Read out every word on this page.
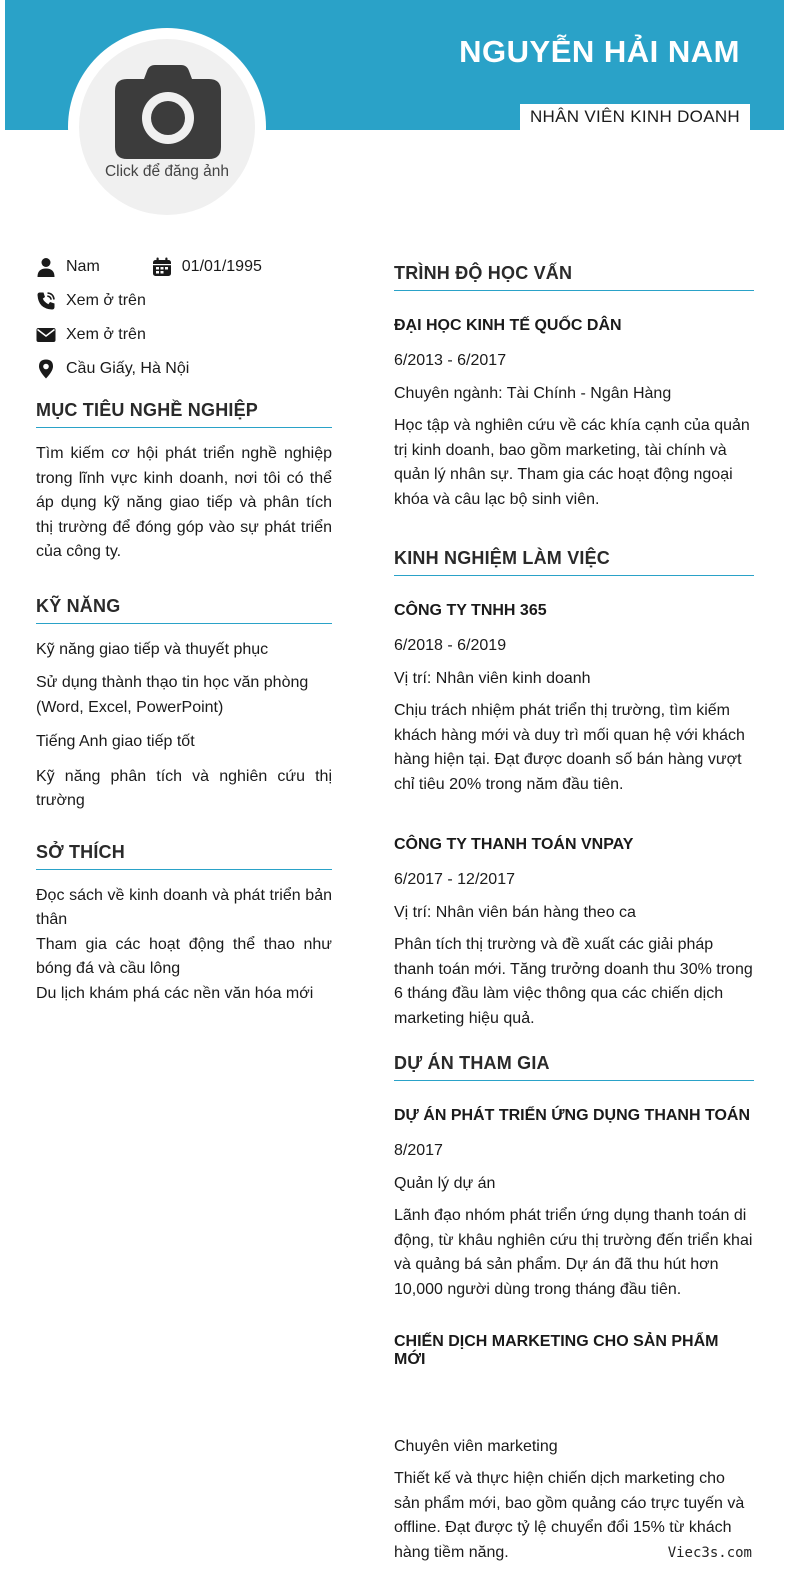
NGUYỄN HẢI NAM
NHÂN VIÊN KINH DOANH
Click để đăng ảnh
Nam	01/01/1995
Xem ở trên
Xem ở trên
Cầu Giấy, Hà Nội
MỤC TIÊU NGHỀ NGHIỆP
Tìm kiếm cơ hội phát triển nghề nghiệp trong lĩnh vực kinh doanh, nơi tôi có thể áp dụng kỹ năng giao tiếp và phân tích thị trường để đóng góp vào sự phát triển của công ty.
KỸ NĂNG
Kỹ năng giao tiếp và thuyết phục
Sử dụng thành thạo tin học văn phòng (Word, Excel, PowerPoint)
Tiếng Anh giao tiếp tốt
Kỹ năng phân tích và nghiên cứu thị trường
SỞ THÍCH
Đọc sách về kinh doanh và phát triển bản thân
Tham gia các hoạt động thể thao như bóng đá và cầu lông
Du lịch khám phá các nền văn hóa mới
TRÌNH ĐỘ HỌC VẤN
ĐẠI HỌC KINH TẾ QUỐC DÂN
6/2013 - 6/2017
Chuyên ngành: Tài Chính - Ngân Hàng
Học tập và nghiên cứu về các khía cạnh của quản trị kinh doanh, bao gồm marketing, tài chính và quản lý nhân sự. Tham gia các hoạt động ngoại khóa và câu lạc bộ sinh viên.
KINH NGHIỆM LÀM VIỆC
CÔNG TY TNHH 365
6/2018 - 6/2019
Vị trí: Nhân viên kinh doanh
Chịu trách nhiệm phát triển thị trường, tìm kiếm khách hàng mới và duy trì mối quan hệ với khách hàng hiện tại. Đạt được doanh số bán hàng vượt chỉ tiêu 20% trong năm đầu tiên.
CÔNG TY THANH TOÁN VNPAY
6/2017 - 12/2017
Vị trí: Nhân viên bán hàng theo ca
Phân tích thị trường và đề xuất các giải pháp thanh toán mới. Tăng trưởng doanh thu 30% trong 6 tháng đầu làm việc thông qua các chiến dịch marketing hiệu quả.
DỰ ÁN THAM GIA
DỰ ÁN PHÁT TRIỂN ỨNG DỤNG THANH TOÁN
8/2017
Quản lý dự án
Lãnh đạo nhóm phát triển ứng dụng thanh toán di động, từ khâu nghiên cứu thị trường đến triển khai và quảng bá sản phẩm. Dự án đã thu hút hơn 10,000 người dùng trong tháng đầu tiên.
CHIẾN DỊCH MARKETING CHO SẢN PHẨM MỚI
Chuyên viên marketing
Thiết kế và thực hiện chiến dịch marketing cho sản phẩm mới, bao gồm quảng cáo trực tuyến và offline. Đạt được tỷ lệ chuyển đổi 15% từ khách hàng tiềm năng.	Viec3s.com
